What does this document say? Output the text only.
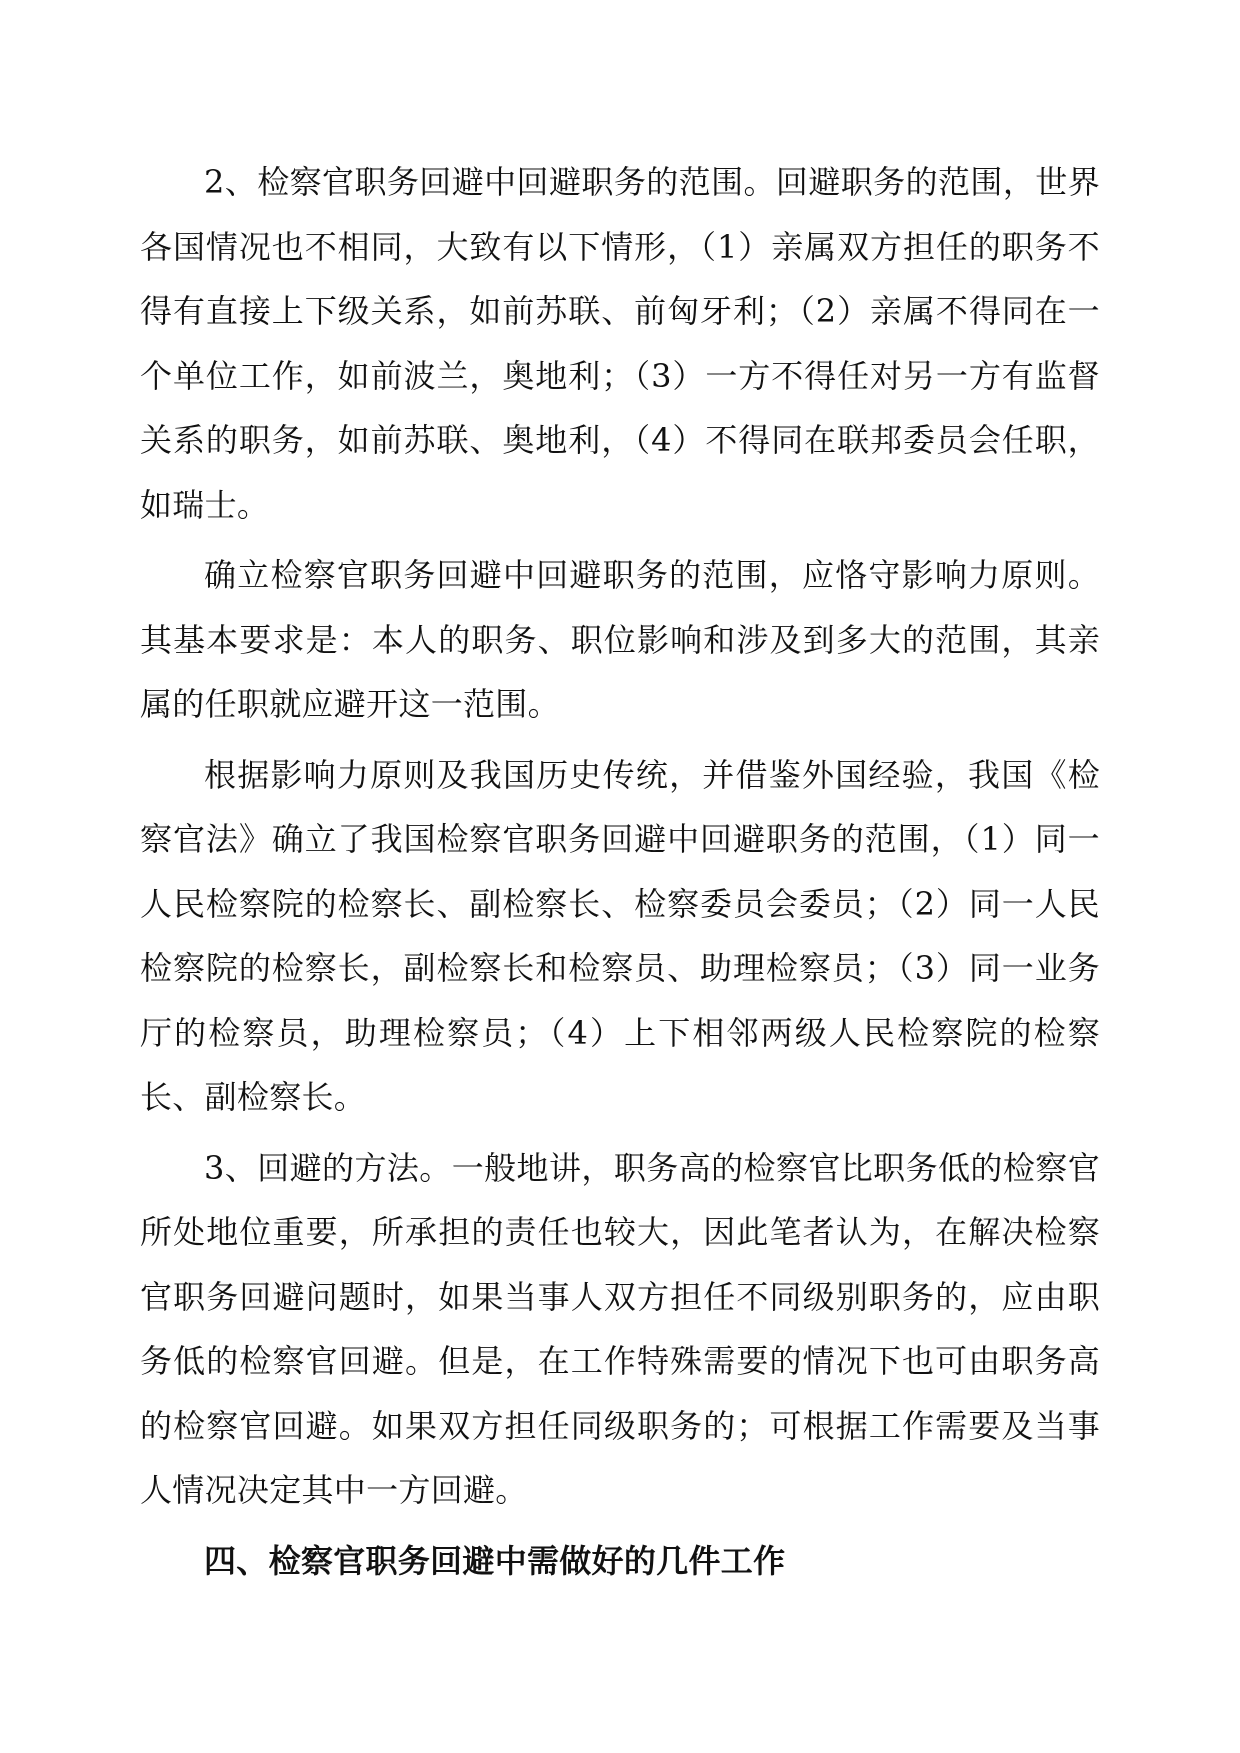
2、检察官职务回避中回避职务的范围。回避职务的范围，世界各国情况也不相同，大致有以下情形，（1）亲属双方担任的职务不得有直接上下级关系，如前苏联、前匈牙利；（2）亲属不得同在一个单位工作，如前波兰，奥地利；（3）一方不得任对另一方有监督关系的职务，如前苏联、奥地利，（4）不得同在联邦委员会任职，如瑞士。

确立检察官职务回避中回避职务的范围，应恪守影响力原则。其基本要求是：本人的职务、职位影响和涉及到多大的范围，其亲属的任职就应避开这一范围。

根据影响力原则及我国历史传统，并借鉴外国经验，我国《检察官法》确立了我国检察官职务回避中回避职务的范围，（1）同一人民检察院的检察长、副检察长、检察委员会委员；（2）同一人民检察院的检察长，副检察长和检察员、助理检察员；（3）同一业务厅的检察员，助理检察员；（4）上下相邻两级人民检察院的检察长、副检察长。

3、回避的方法。一般地讲，职务高的检察官比职务低的检察官所处地位重要，所承担的责任也较大，因此笔者认为，在解决检察官职务回避问题时，如果当事人双方担任不同级别职务的，应由职务低的检察官回避。但是，在工作特殊需要的情况下也可由职务高的检察官回避。如果双方担任同级职务的；可根据工作需要及当事人情况决定其中一方回避。

四、检察官职务回避中需做好的几件工作
